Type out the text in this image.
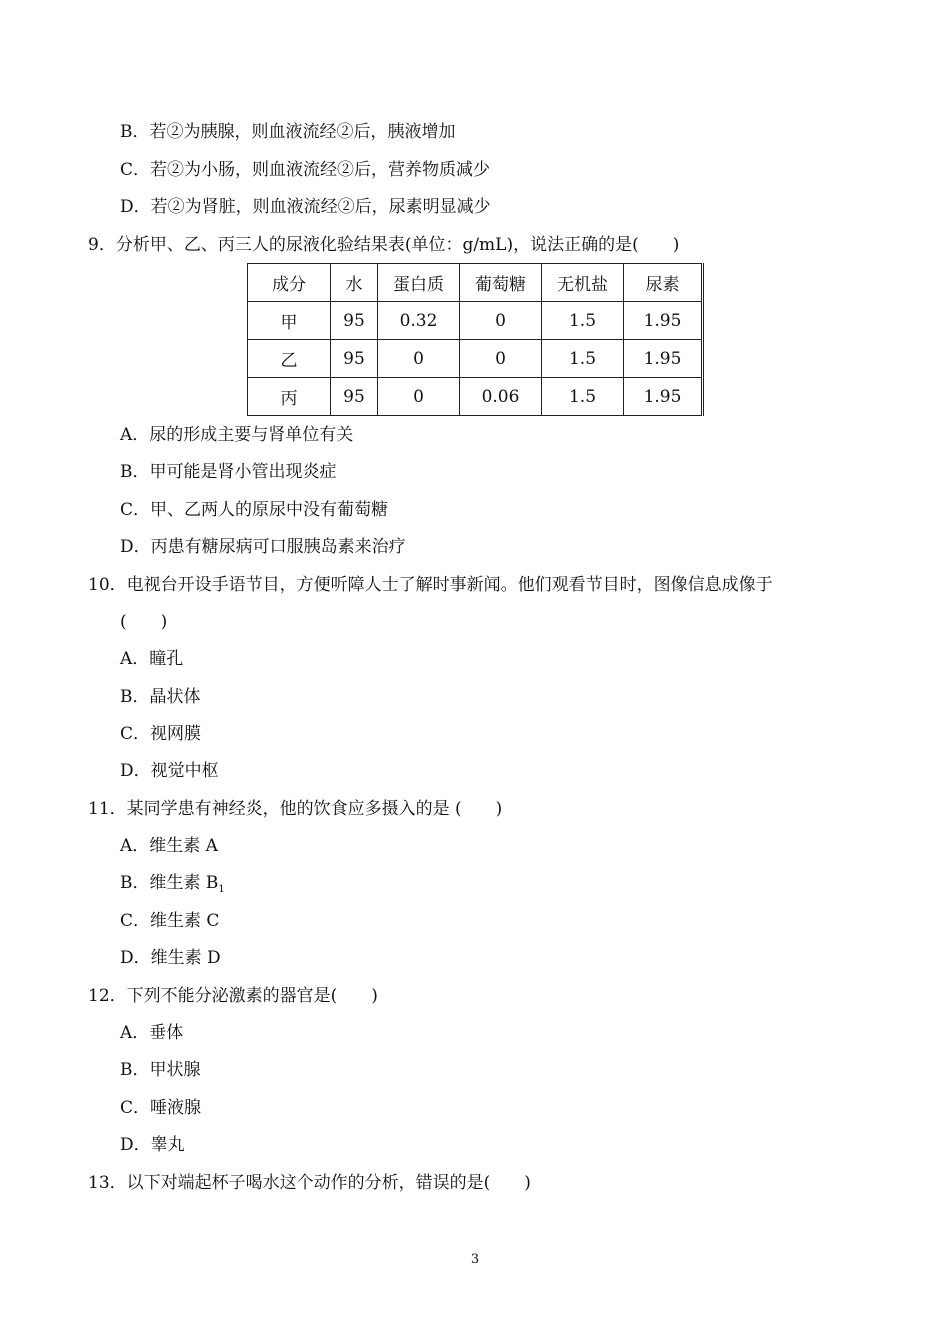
B．若②为胰腺，则血液流经②后，胰液增加
C．若②为小肠，则血液流经②后，营养物质减少
D．若②为肾脏，则血液流经②后，尿素明显减少
9．分析甲、乙、丙三人的尿液化验结果表(单位：g/mL)，说法正确的是(　　)
成分	水	蛋白质	葡萄糖	无机盐	尿素
甲	95	0.32	0	1.5	1.95
乙	95	0	0	1.5	1.95
丙	95	0	0.06	1.5	1.95
A．尿的形成主要与肾单位有关
B．甲可能是肾小管出现炎症
C．甲、乙两人的原尿中没有葡萄糖
D．丙患有糖尿病可口服胰岛素来治疗
10．电视台开设手语节目，方便听障人士了解时事新闻。他们观看节目时，图像信息成像于
(　　)
A．瞳孔
B．晶状体
C．视网膜
D．视觉中枢
11．某同学患有神经炎，他的饮食应多摄入的是 (　　)
A．维生素 A
B．维生素 $B_1$
C．维生素 C
D．维生素 D
12．下列不能分泌激素的器官是(　　)
A．垂体
B．甲状腺
C．唾液腺
D．睾丸
13．以下对端起杯子喝水这个动作的分析，错误的是(　　)
3
